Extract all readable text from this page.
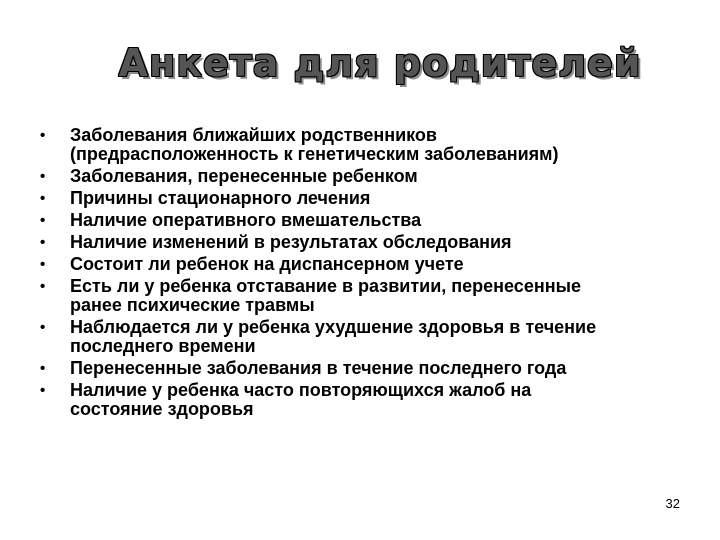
Анкета для родителей
• Заболевания ближайших родственников
(предрасположенность к генетическим заболеваниям)
• Заболевания, перенесенные ребенком
• Причины стационарного лечения
• Наличие оперативного вмешательства
• Наличие изменений в результатах обследования
• Состоит ли ребенок на диспансерном учете
• Есть ли у ребенка отставание в развитии, перенесенные
ранее психические травмы
• Наблюдается ли у ребенка ухудшение здоровья в течение
последнего времени
• Перенесенные заболевания в течение последнего года
• Наличие у ребенка часто повторяющихся жалоб на
состояние здоровья
32
